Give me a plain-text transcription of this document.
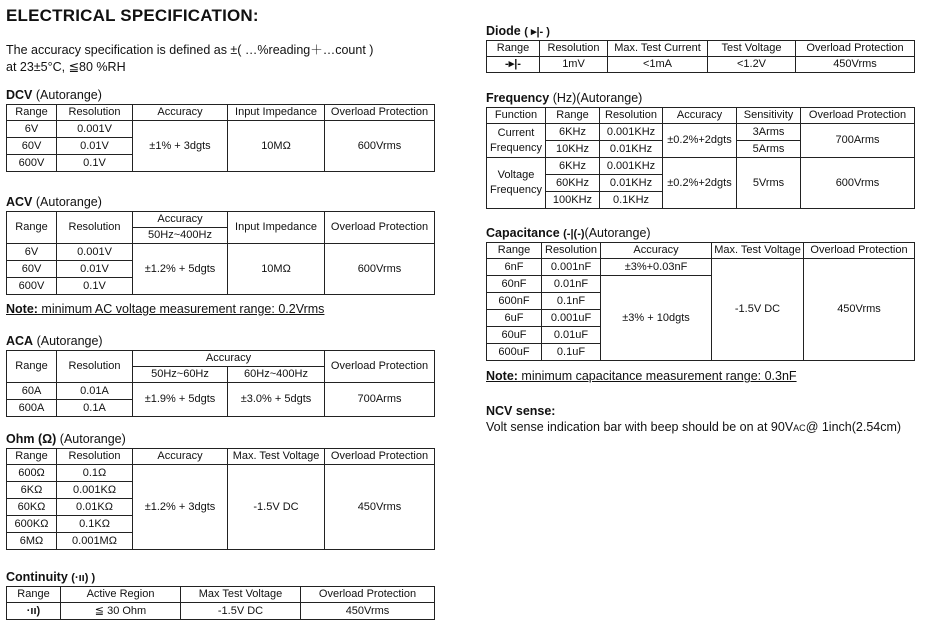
ELECTRICAL SPECIFICATION:
The accuracy specification is defined as ±( …%reading＋…count )
at 23±5°C, ≦80 %RH
DCV (Autorange)
Range	Resolution	Accuracy	Input Impedance	Overload Protection
6V	0.001V	±1% + 3dgts	10MΩ	600Vrms
60V	0.01V			
600V	0.1V			
ACV (Autorange)
Range	Resolution	Accuracy	Input Impedance	Overload Protection
		50Hz~400Hz		
6V	0.001V	±1.2% + 5dgts	10MΩ	600Vrms
60V	0.01V			
600V	0.1V			
Note: minimum AC voltage measurement range: 0.2Vrms
ACA (Autorange)
Range	Resolution	Accuracy		Overload Protection
		50Hz~60Hz	60Hz~400Hz	
60A	0.01A	±1.9% + 5dgts	±3.0% + 5dgts	700Arms
600A	0.1A			
Ohm (Ω) (Autorange)
Range	Resolution	Accuracy	Max. Test Voltage	Overload Protection
600Ω	0.1Ω	±1.2% + 3dgts	-1.5V DC	450Vrms
6KΩ	0.001KΩ			
60KΩ	0.01KΩ			
600KΩ	0.1KΩ			
6MΩ	0.001MΩ			
Continuity (·ıı) )
Range	Active Region	Max Test Voltage	Overload Protection
·ıı)	≦ 30 Ohm	-1.5V DC	450Vrms
Diode ( ▸|- )
Range	Resolution	Max. Test Current	Test Voltage	Overload Protection
-▸|-	1mV	<1mA	<1.2V	450Vrms
Frequency (Hz)(Autorange)
Function	Range	Resolution	Accuracy	Sensitivity	Overload Protection
Current
Frequency	6KHz	0.001KHz	±0.2%+2dgts	3Arms	700Arms
	10KHz	0.01KHz		5Arms	
Voltage
Frequency	6KHz	0.001KHz	±0.2%+2dgts	5Vrms	600Vrms
	60KHz	0.01KHz			
	100KHz	0.1KHz			
Capacitance (-|(-)(Autorange)
Range	Resolution	Accuracy	Max. Test Voltage	Overload Protection
6nF	0.001nF	±3%+0.03nF	-1.5V DC	450Vrms
60nF	0.01nF	±3% + 10dgts		
600nF	0.1nF			
6uF	0.001uF			
60uF	0.01uF			
600uF	0.1uF			
Note: minimum capacitance measurement range: 0.3nF
NCV sense:
Volt sense indication bar with beep should be on at 90VAC@ 1inch(2.54cm)
